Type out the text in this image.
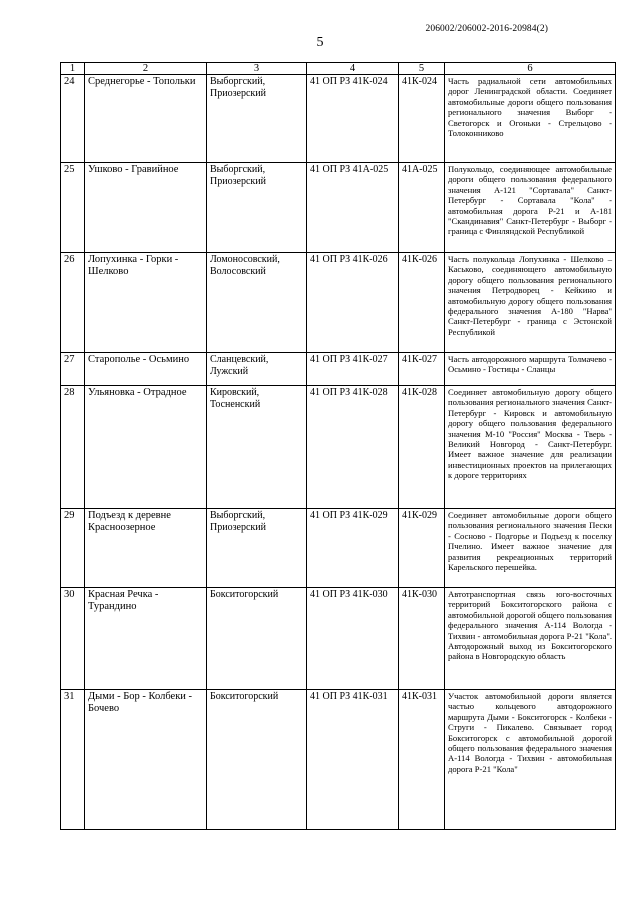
206002/206002-2016-20984(2)
5
1	2	3	4	5	6
24	Среднегорье - Топольки	Выборгский, Приозерский	41 ОП РЗ 41К-024	41К-024	Часть радиальной сети автомобильных дорог Ленинградской области. Соединяет автомобильные дороги общего пользования регионального значения Выборг - Светогорск и Огоньки - Стрельцово - Толоконниково
25	Ушково - Гравийное	Выборгский, Приозерский	41 ОП РЗ 41А-025	41А-025	Полукольцо, соединяющее автомобильные дороги общего пользования федерального значения А-121 "Сортавала" Санкт-Петербург - Сортавала "Кола" - автомобильная дорога Р-21 и А-181 "Скандинавия" Санкт-Петербург - Выборг - граница с Финляндской Республикой
26	Лопухинка - Горки - Шелково	Ломоносовский, Волосовский	41 ОП РЗ 41К-026	41К-026	Часть полукольца Лопухинка - Шелково – Каськово, соединяющего автомобильную дорогу общего пользования регионального значения Петродворец - Кейкино и автомобильную дорогу общего пользования федерального значения А-180 "Нарва" Санкт-Петербург - граница с Эстонской Республикой
27	Старополье - Осьмино	Сланцевский, Лужский	41 ОП РЗ 41К-027	41К-027	Часть автодорожного маршрута Толмачево - Осьмино - Гостицы - Сланцы
28	Ульяновка - Отрадное	Кировский, Тосненский	41 ОП РЗ 41К-028	41К-028	Соединяет автомобильную дорогу общего пользования регионального значения Санкт-Петербург - Кировск и автомобильную дорогу общего пользования федерального значения М-10 "Россия" Москва - Тверь - Великий Новгород - Санкт-Петербург. Имеет важное значение для реализации инвестиционных проектов на прилегающих к дороге территориях
29	Подъезд к деревне Красноозерное	Выборгский, Приозерский	41 ОП РЗ 41К-029	41К-029	Соединяет автомобильные дороги общего пользования регионального значения Пески - Сосново - Подгорье и Подъезд к поселку Пчелино. Имеет важное значение для развития рекреационных территорий Карельского перешейка.
30	Красная Речка - Турандино	Бокситогорский	41 ОП РЗ 41К-030	41К-030	Автотранспортная связь юго-восточных территорий Бокситогорского района с автомобильной дорогой общего пользования федерального значения А-114 Вологда - Тихвин - автомобильная дорога Р-21 "Кола". Автодорожный выход из Бокситогорского района в Новгородскую область
31	Дыми - Бор - Колбеки - Бочево	Бокситогорский	41 ОП РЗ 41К-031	41К-031	Участок автомобильной дороги является частью кольцевого автодорожного маршрута Дыми - Бокситогорск - Колбеки - Струги - Пикалево. Связывает город Бокситогорск с автомобильной дорогой общего пользования федерального значения А-114 Вологда - Тихвин - автомобильная дорога Р-21 "Кола"
